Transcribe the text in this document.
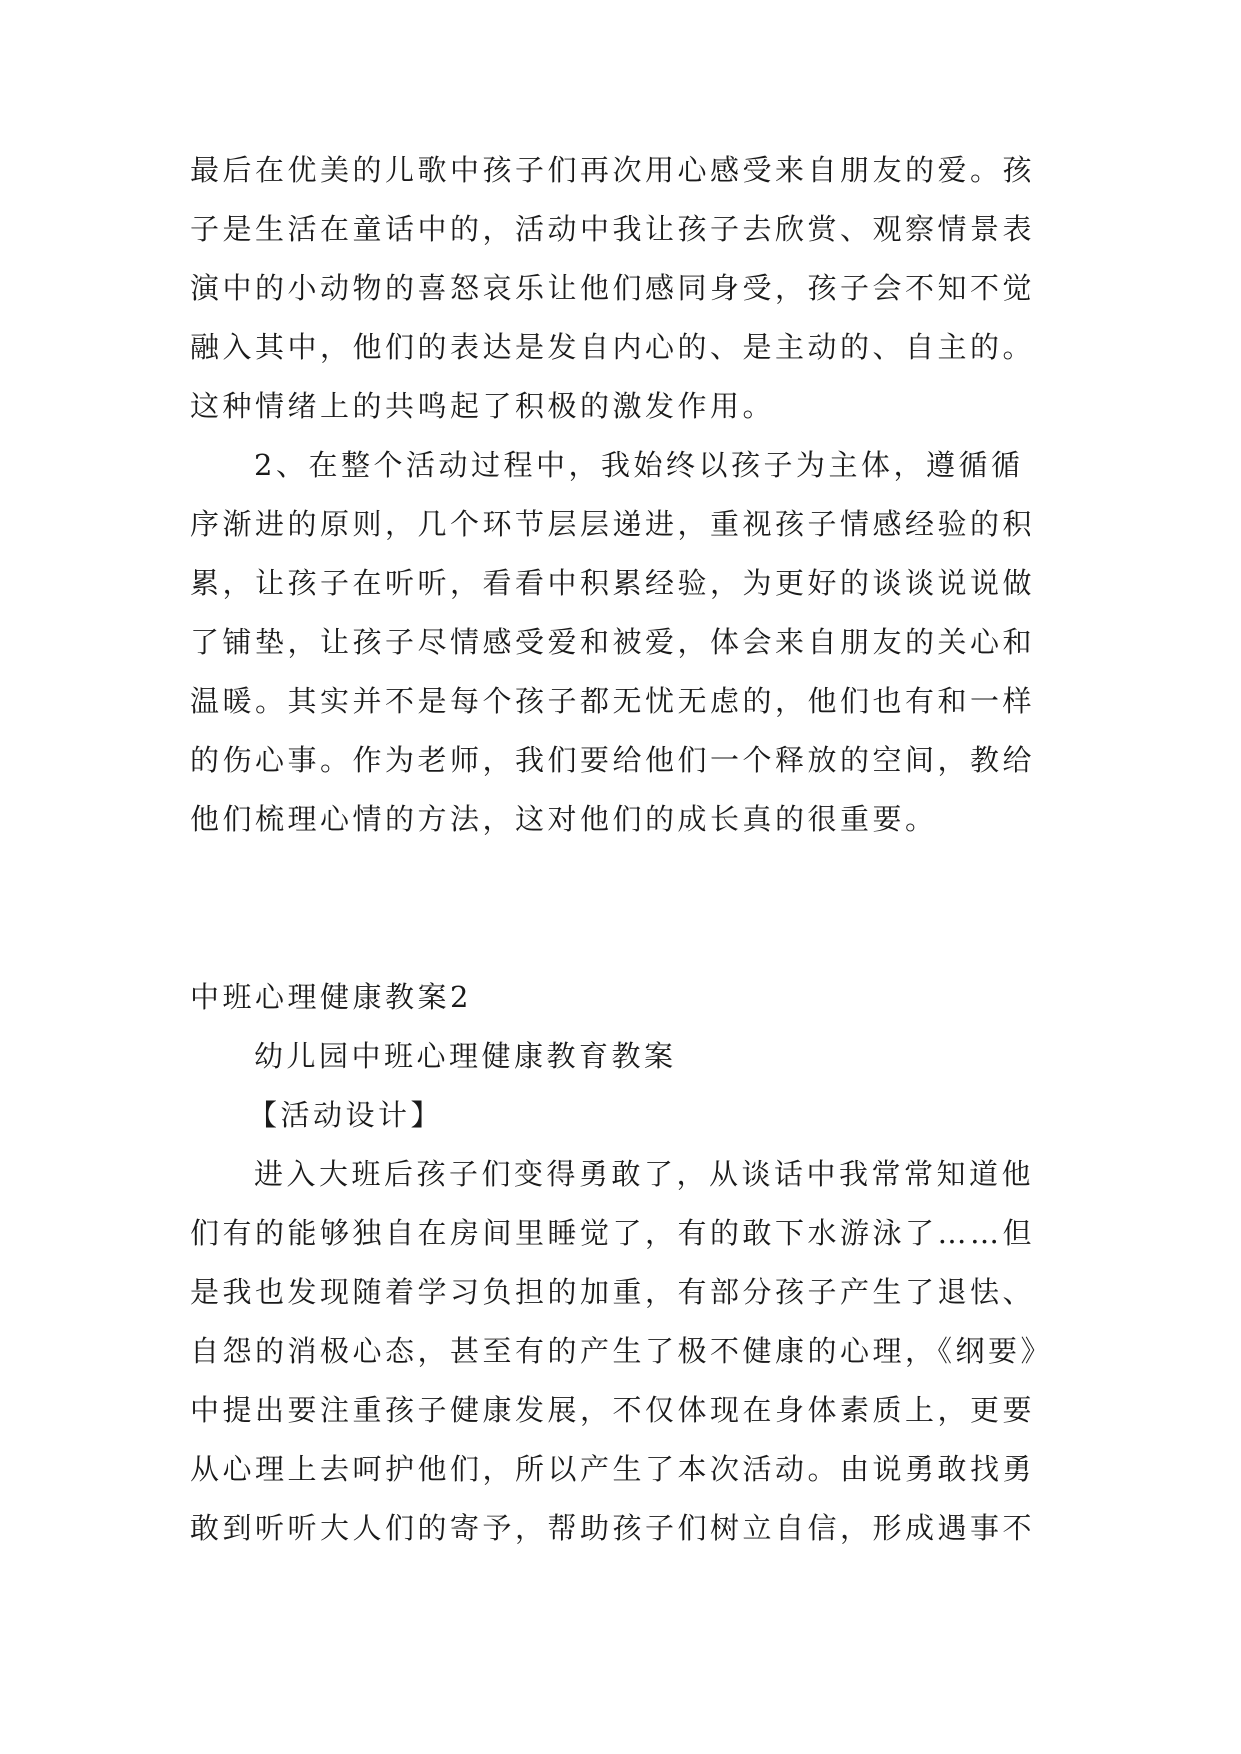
最后在优美的儿歌中孩子们再次用心感受来自朋友的爱。孩
子是生活在童话中的，活动中我让孩子去欣赏、观察情景表
演中的小动物的喜怒哀乐让他们感同身受，孩子会不知不觉
融入其中，他们的表达是发自内心的、是主动的、自主的。
这种情绪上的共鸣起了积极的激发作用。
2、在整个活动过程中，我始终以孩子为主体，遵循循
序渐进的原则，几个环节层层递进，重视孩子情感经验的积
累，让孩子在听听，看看中积累经验，为更好的谈谈说说做
了铺垫，让孩子尽情感受爱和被爱，体会来自朋友的关心和
温暖。其实并不是每个孩子都无忧无虑的，他们也有和一样
的伤心事。作为老师，我们要给他们一个释放的空间，教给
他们梳理心情的方法，这对他们的成长真的很重要。
中班心理健康教案2
幼儿园中班心理健康教育教案
【活动设计】
进入大班后孩子们变得勇敢了，从谈话中我常常知道他
们有的能够独自在房间里睡觉了，有的敢下水游泳了……但
是我也发现随着学习负担的加重，有部分孩子产生了退怯、
自怨的消极心态，甚至有的产生了极不健康的心理，《纲要》
中提出要注重孩子健康发展，不仅体现在身体素质上，更要
从心理上去呵护他们，所以产生了本次活动。由说勇敢找勇
敢到听听大人们的寄予，帮助孩子们树立自信，形成遇事不
